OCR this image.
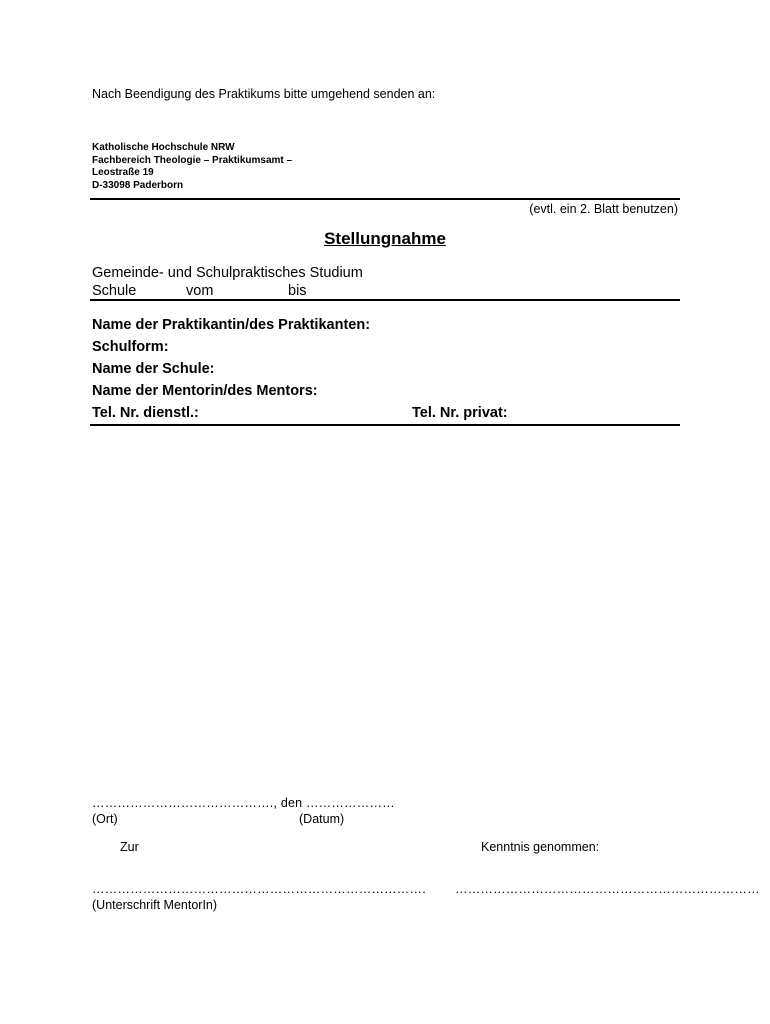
Nach Beendigung des Praktikums bitte umgehend senden an:
Katholische Hochschule NRW
Fachbereich Theologie – Praktikumsamt –
Leostraße 19
D-33098 Paderborn
(evtl. ein 2. Blatt benutzen)
Stellungnahme
Gemeinde- und Schulpraktisches Studium
Schule	vom	bis
Name der Praktikantin/des Praktikanten:
Schulform:
Name der Schule:
Name der Mentorin/des Mentors:
Tel. Nr. dienstl.:	Tel. Nr. privat:
……………………………………., den …………………
(Ort)	(Datum)
Zur	Kenntnis genommen:
……………………………………………………………………. ………………………………………………………………
(Unterschrift MentorIn)
